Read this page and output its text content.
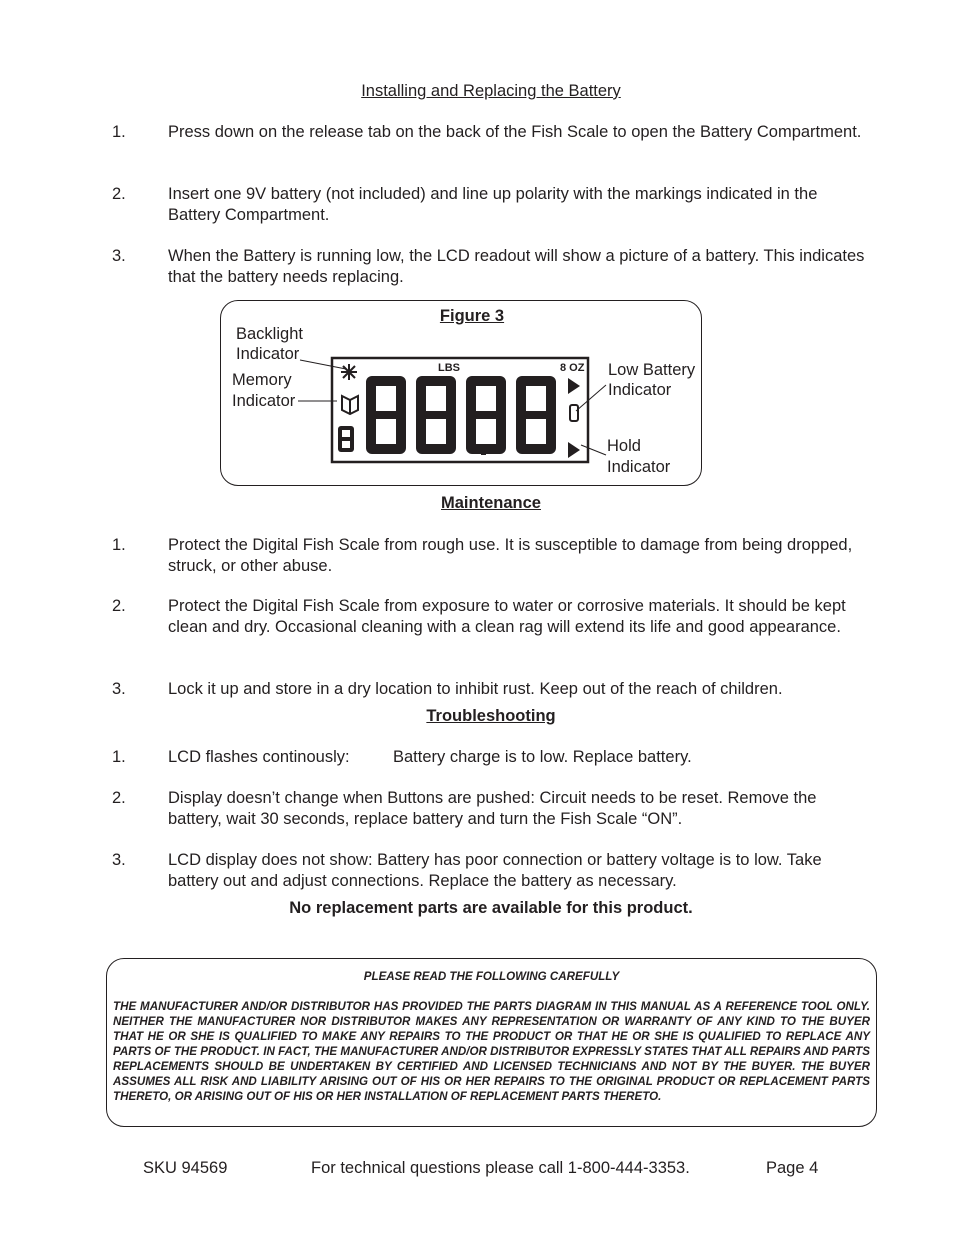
Installing and Replacing the Battery
1.	Press down on the release tab on the back of the Fish Scale to open the Battery Compartment.
2.	Insert one 9V battery (not included) and line up polarity with the markings indicated in the Battery Compartment.
3.	When the Battery is running low, the LCD readout will show a picture of a battery. This indicates that the battery needs replacing.
LBS	8 OZ
Figure 3
Backlight
Indicator
Memory
Indicator
Low Battery
Indicator
Hold
Indicator
Maintenance
1.	Protect the Digital Fish Scale from rough use. It is susceptible to damage from being dropped, struck, or other abuse.
2.	Protect the Digital Fish Scale from exposure to water or corrosive materials. It should be kept clean and dry. Occasional cleaning with a clean rag will extend its life and good appearance.
3.	Lock it up and store in a dry location to inhibit rust. Keep out of the reach of children.
Troubleshooting
1.	LCD flashes continously:	Battery charge is to low. Replace battery.
2.	Display doesn’t change when Buttons are pushed: Circuit needs to be reset. Remove the battery, wait 30 seconds, replace battery and turn the Fish Scale “ON”.
3.	LCD display does not show: Battery has poor connection or battery voltage is to low. Take battery out and adjust connections. Replace the battery as necessary.
No replacement parts are available for this product.
PLEASE READ THE FOLLOWING CAREFULLY
THE MANUFACTURER AND/OR DISTRIBUTOR HAS PROVIDED THE PARTS DIAGRAM IN THIS MANUAL AS A REFERENCE TOOL ONLY. NEITHER THE MANUFACTURER NOR DISTRIBUTOR MAKES ANY REPRESENTATION OR WARRANTY OF ANY KIND TO THE BUYER THAT HE OR SHE IS QUALIFIED TO MAKE ANY REPAIRS TO THE PRODUCT OR THAT HE OR SHE IS QUALIFIED TO REPLACE ANY PARTS OF THE PRODUCT. IN FACT, THE MANUFACTURER AND/OR DISTRIBUTOR EXPRESSLY STATES THAT ALL REPAIRS AND PARTS REPLACEMENTS SHOULD BE UNDERTAKEN BY CERTIFIED AND LICENSED TECHNICIANS AND NOT BY THE BUYER. THE BUYER ASSUMES ALL RISK AND LIABILITY ARISING OUT OF HIS OR HER REPAIRS TO THE ORIGINAL PRODUCT OR REPLACEMENT PARTS THERETO, OR ARISING OUT OF HIS OR HER INSTALLATION OF REPLACEMENT PARTS THERETO.
SKU 94569	For technical questions please call 1-800-444-3353.	Page 4
